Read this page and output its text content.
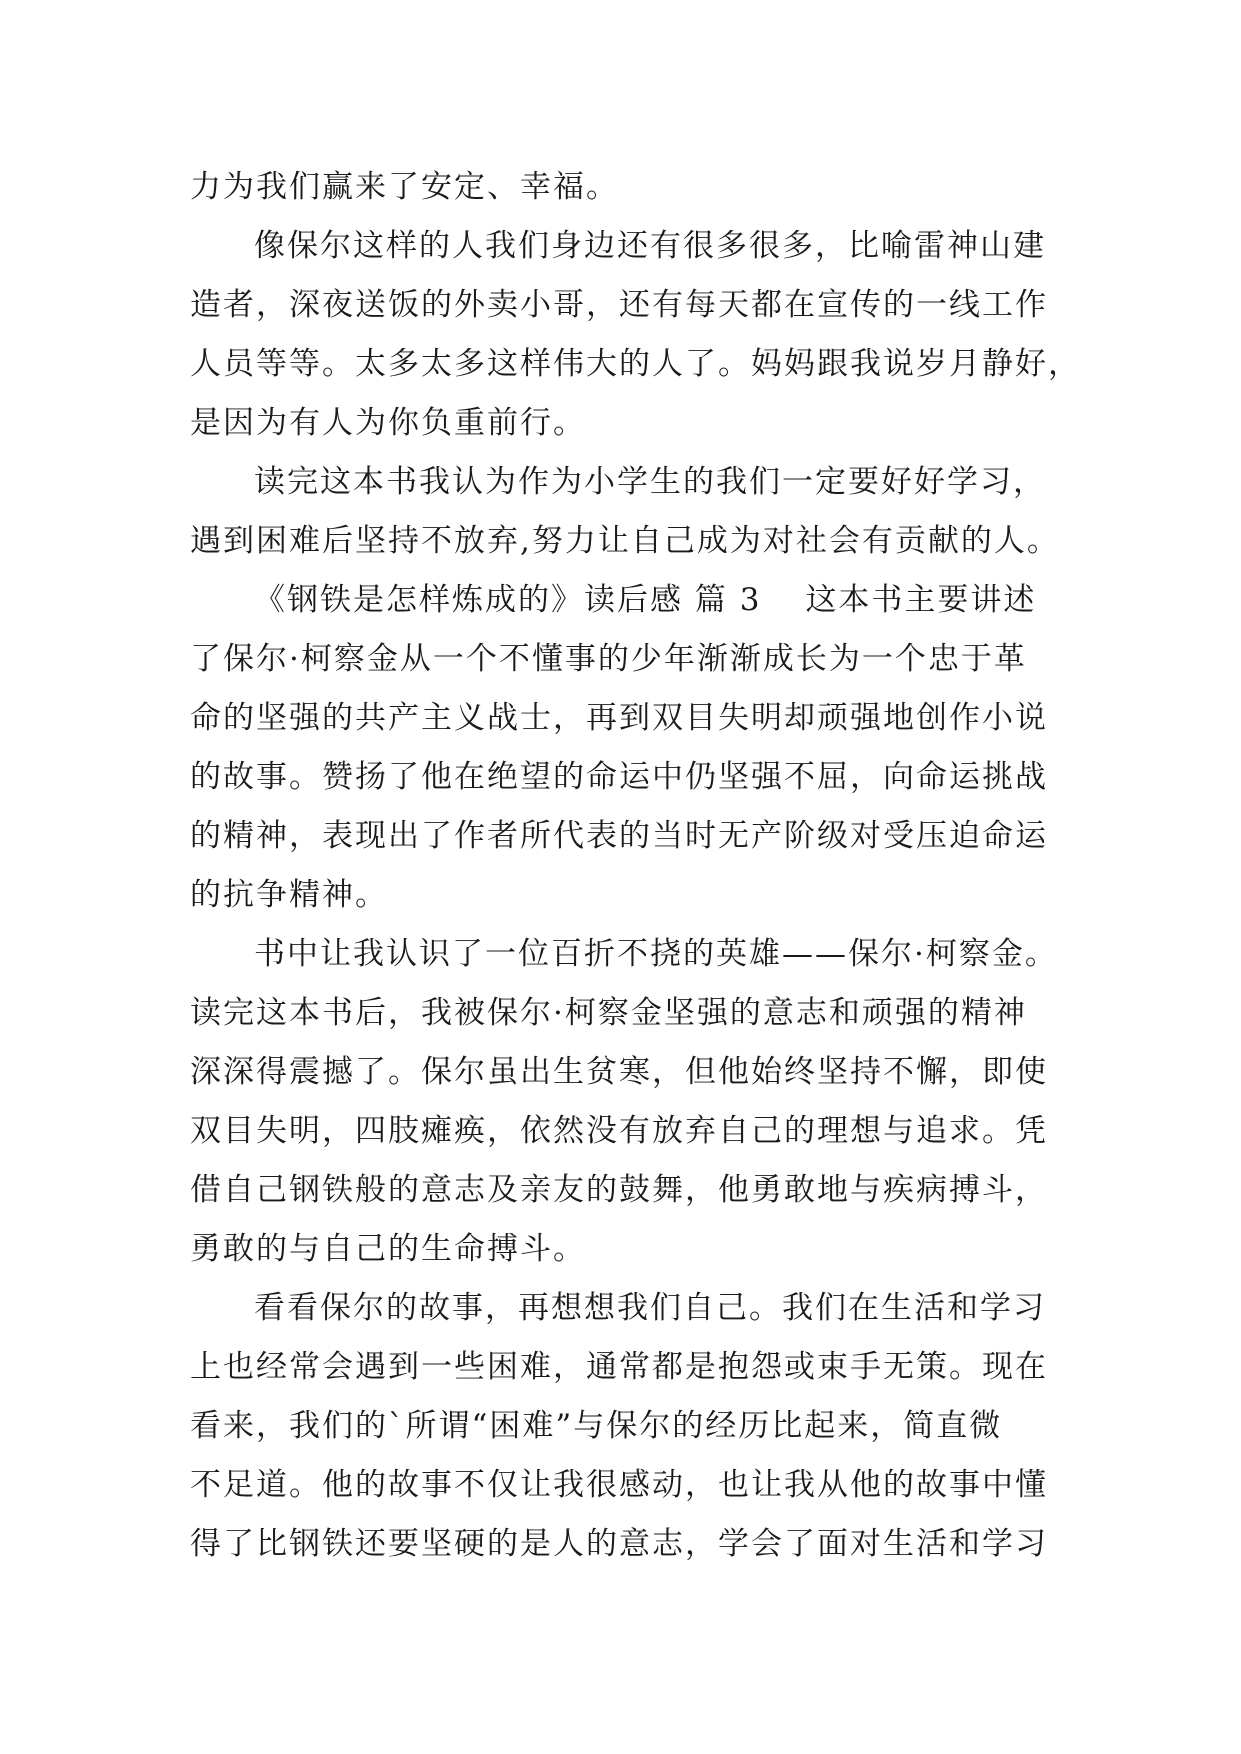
力为我们赢来了安定、幸福。
像保尔这样的人我们身边还有很多很多，比喻雷神山建
造者，深夜送饭的外卖小哥，还有每天都在宣传的一线工作
人员等等。太多太多这样伟大的人了。妈妈跟我说岁月静好，
是因为有人为你负重前行。
读完这本书我认为作为小学生的我们一定要好好学习，
遇到困难后坚持不放弃,努力让自己成为对社会有贡献的人。
《钢铁是怎样炼成的》读后感 篇 3 这本书主要讲述
了保尔·柯察金从一个不懂事的少年渐渐成长为一个忠于革
命的坚强的共产主义战士，再到双目失明却顽强地创作小说
的故事。赞扬了他在绝望的命运中仍坚强不屈，向命运挑战
的精神，表现出了作者所代表的当时无产阶级对受压迫命运
的抗争精神。
书中让我认识了一位百折不挠的英雄——保尔·柯察金。
读完这本书后，我被保尔·柯察金坚强的意志和顽强的精神
深深得震撼了。保尔虽出生贫寒，但他始终坚持不懈，即使
双目失明，四肢瘫痪，依然没有放弃自己的理想与追求。凭
借自己钢铁般的意志及亲友的鼓舞，他勇敢地与疾病搏斗，
勇敢的与自己的生命搏斗。
看看保尔的故事，再想想我们自己。我们在生活和学习
上也经常会遇到一些困难，通常都是抱怨或束手无策。现在
看来，我们的`所谓“困难”与保尔的经历比起来，简直微
不足道。他的故事不仅让我很感动，也让我从他的故事中懂
得了比钢铁还要坚硬的是人的意志，学会了面对生活和学习
